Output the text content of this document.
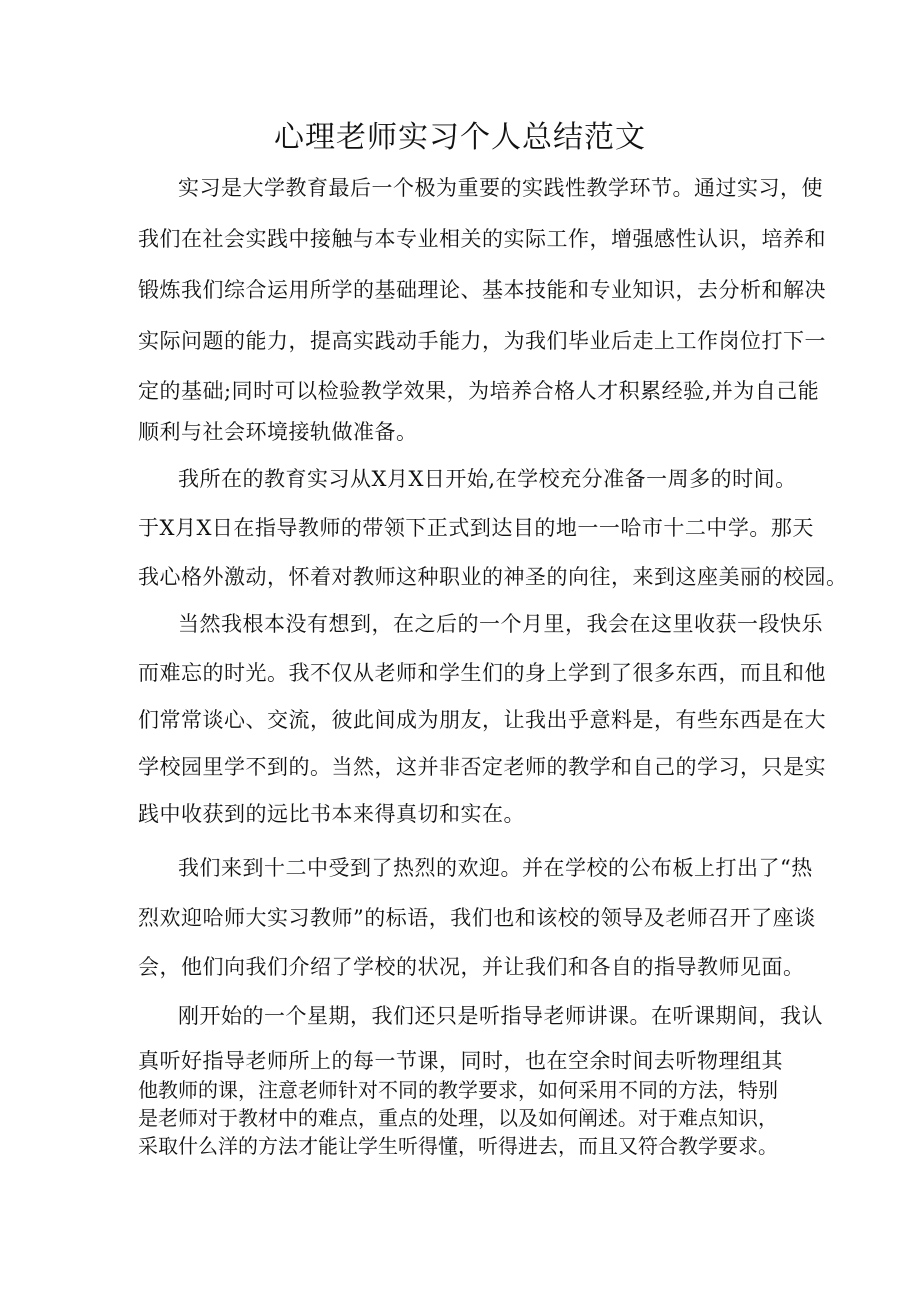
心理老师实习个人总结范文
实习是大学教育最后一个极为重要的实践性教学环节。通过实习，使
我们在社会实践中接触与本专业相关的实际工作，增强感性认识，培养和
锻炼我们综合运用所学的基础理论、基本技能和专业知识，去分析和解决
实际问题的能力，提高实践动手能力，为我们毕业后走上工作岗位打下一
定的基础;同时可以检验教学效果，为培养合格人才积累经验,并为自己能
顺利与社会环境接轨做准备。
我所在的教育实习从X月X日开始,在学校充分准备一周多的时间。
于X月X日在指导教师的带领下正式到达目的地一一哈市十二中学。那天
我心格外激动，怀着对教师这种职业的神圣的向往，来到这座美丽的校园。
当然我根本没有想到，在之后的一个月里，我会在这里收获一段快乐
而难忘的时光。我不仅从老师和学生们的身上学到了很多东西，而且和他
们常常谈心、交流，彼此间成为朋友，让我出乎意料是，有些东西是在大
学校园里学不到的。当然，这并非否定老师的教学和自己的学习，只是实
践中收获到的远比书本来得真切和实在。
我们来到十二中受到了热烈的欢迎。并在学校的公布板上打出了“热
烈欢迎哈师大实习教师”的标语，我们也和该校的领导及老师召开了座谈
会，他们向我们介绍了学校的状况，并让我们和各自的指导教师见面。
刚开始的一个星期，我们还只是听指导老师讲课。在听课期间，我认
真听好指导老师所上的每一节课，同时，也在空余时间去听物理组其
他教师的课，注意老师针对不同的教学要求，如何采用不同的方法，特别
是老师对于教材中的难点，重点的处理，以及如何阐述。对于难点知识，
采取什么洋的方法才能让学生听得懂，听得进去，而且又符合教学要求。
